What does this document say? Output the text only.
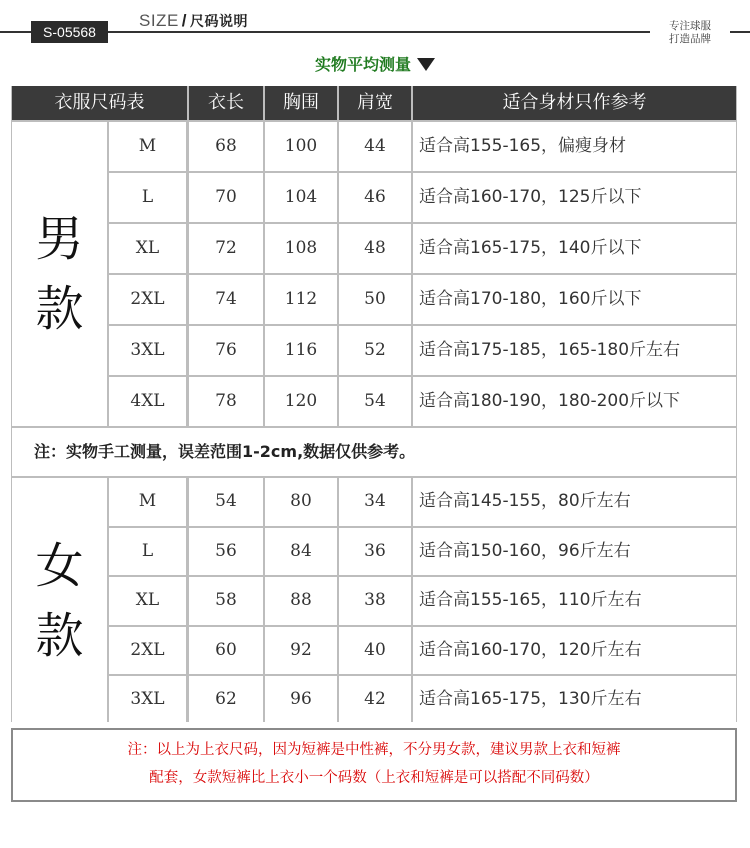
S-05568
SIZE / 尺码说明	专注球服
打造品牌
实物平均测量
衣服尺码表	衣长	胸围	肩宽	适合身材只作参考
男
款
M	68	100	44	适合高155-165，偏瘦身材
L	70	104	46	适合高160-170，125斤以下
XL	72	108	48	适合高165-175，140斤以下
2XL	74	112	50	适合高170-180，160斤以下
3XL	76	116	52	适合高175-185，165-180斤左右
4XL	78	120	54	适合高180-190，180-200斤以下
注：实物手工测量，误差范围1-2cm,数据仅供参考。
女
款
M	54	80	34	适合高145-155，80斤左右
L	56	84	36	适合高150-160，96斤左右
XL	58	88	38	适合高155-165，110斤左右
2XL	60	92	40	适合高160-170，120斤左右
3XL	62	96	42	适合高165-175，130斤左右
注：以上为上衣尺码，因为短裤是中性裤，不分男女款，建议男款上衣和短裤
配套，女款短裤比上衣小一个码数（上衣和短裤是可以搭配不同码数）
